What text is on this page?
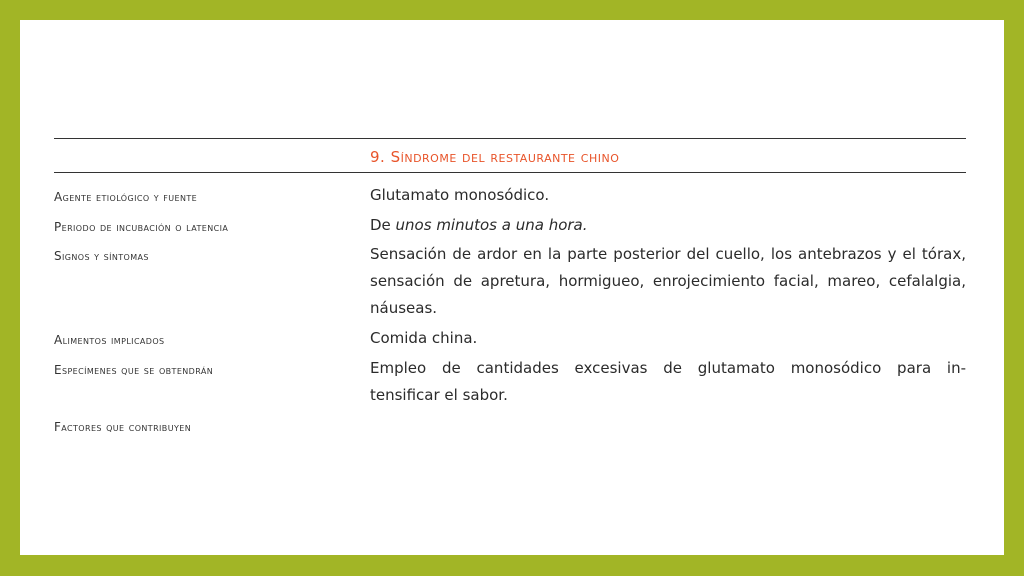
9. Síndrome del restaurante chino
Agente etiológico y fuente	Glutamato monosódico.
Periodo de incubación o latencia	De unos minutos a una hora.
Signos y síntomas	Sensación de ardor en la parte posterior del cuello, los antebrazos y el tórax, sensación de apretura, hormigueo, enrojecimiento facial, mareo, cefalalgia, náuseas.
Alimentos implicados	Comida china.
Especímenes que se obtendrán	Empleo de cantidades excesivas de glutamato monosódico para in-
tensificar el sabor.
Factores que contribuyen
